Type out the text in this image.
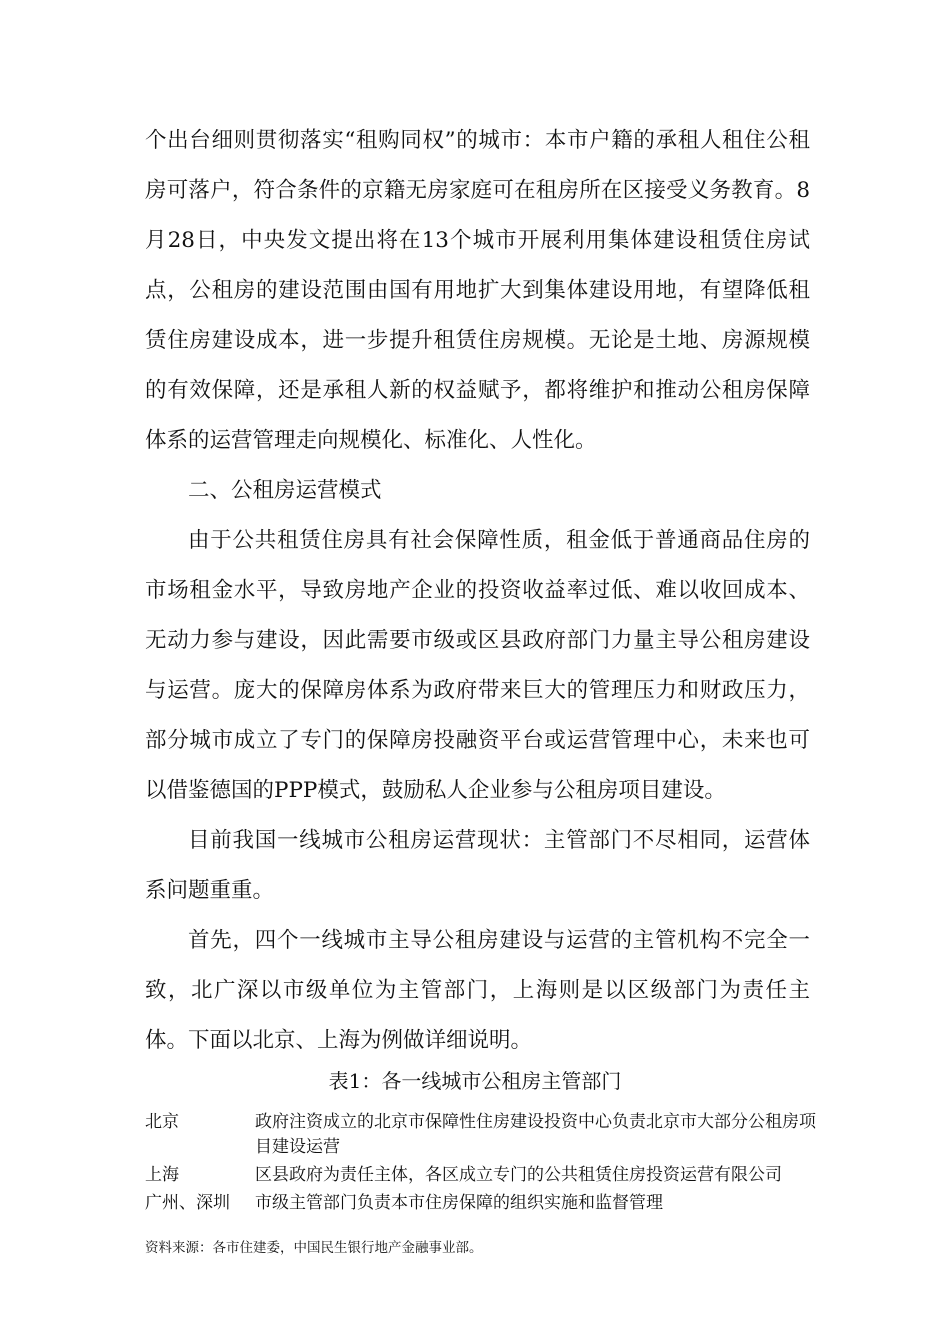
个出台细则贯彻落实“租购同权”的城市：本市户籍的承租人租住公租房可落户，符合条件的京籍无房家庭可在租房所在区接受义务教育。8月28日，中央发文提出将在13个城市开展利用集体建设租赁住房试点，公租房的建设范围由国有用地扩大到集体建设用地，有望降低租赁住房建设成本，进一步提升租赁住房规模。无论是土地、房源规模的有效保障，还是承租人新的权益赋予，都将维护和推动公租房保障体系的运营管理走向规模化、标准化、人性化。

二、公租房运营模式

由于公共租赁住房具有社会保障性质，租金低于普通商品住房的市场租金水平，导致房地产企业的投资收益率过低、难以收回成本、无动力参与建设，因此需要市级或区县政府部门力量主导公租房建设与运营。庞大的保障房体系为政府带来巨大的管理压力和财政压力，部分城市成立了专门的保障房投融资平台或运营管理中心，未来也可以借鉴德国的PPP模式，鼓励私人企业参与公租房项目建设。

目前我国一线城市公租房运营现状：主管部门不尽相同，运营体系问题重重。

首先，四个一线城市主导公租房建设与运营的主管机构不完全一致，北广深以市级单位为主管部门，上海则是以区级部门为责任主体。下面以北京、上海为例做详细说明。

表1：各一线城市公租房主管部门
北京	政府注资成立的北京市保障性住房建设投资中心负责北京市大部分公租房项目建设运营
上海	区县政府为责任主体，各区成立专门的公共租赁住房投资运营有限公司
广州、深圳	市级主管部门负责本市住房保障的组织实施和监督管理
资料来源：各市住建委，中国民生银行地产金融事业部。
